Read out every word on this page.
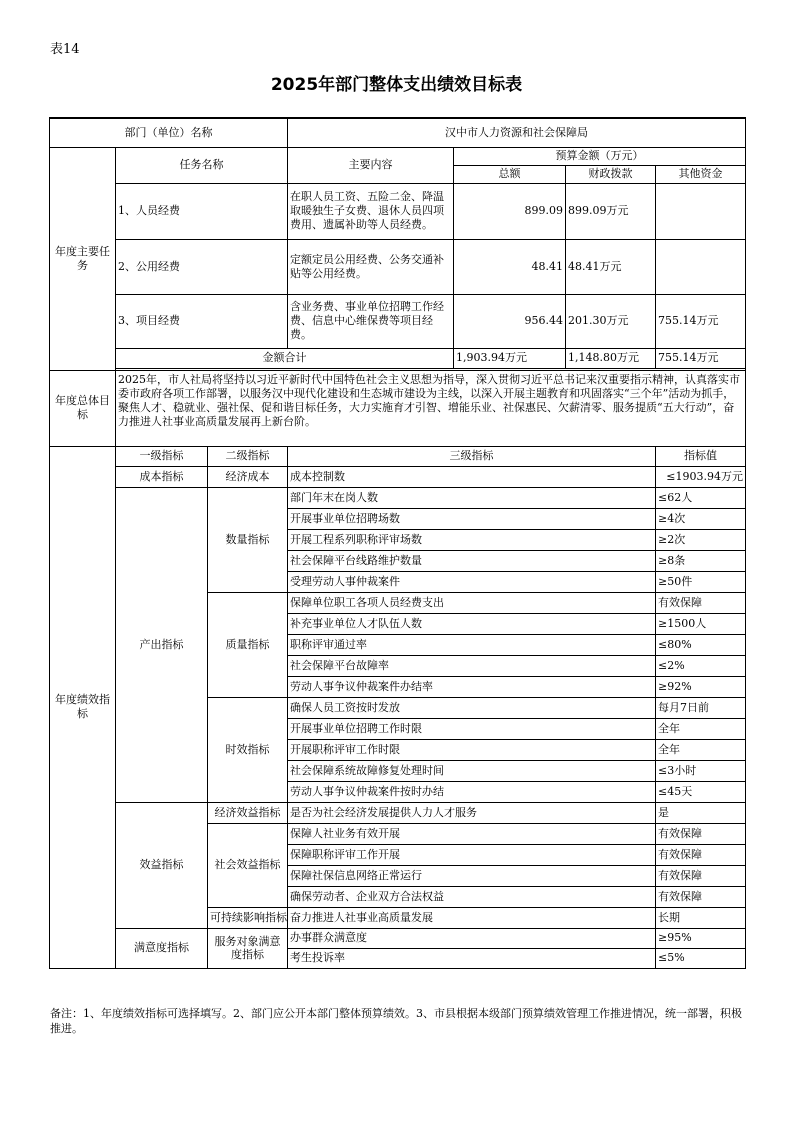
表14
2025年部门整体支出绩效目标表
部门（单位）名称			汉中市人力资源和社会保障局			
年度主要任务	任务名称		主要内容	预算金额（万元）		
				总额	财政拨款	其他资金
	1、人员经费		在职人员工资、五险二金、降温取暖独生子女费、退休人员四项费用、遗属补助等人员经费。	899.09	899.09万元	
	2、公用经费		定额定员公用经费、公务交通补贴等公用经费。	48.41	48.41万元	
	3、项目经费		含业务费、事业单位招聘工作经费、信息中心维保费等项目经费。	956.44	201.30万元	755.14万元
	金额合计			1,903.94万元	1,148.80万元	755.14万元

年度总体目标	2025年，市人社局将坚持以习近平新时代中国特色社会主义思想为指导，深入贯彻习近平总书记来汉重要指示精神，认真落实市委市政府各项工作部署，以服务汉中现代化建设和生态城市建设为主线，以深入开展主题教育和巩固落实“三个年”活动为抓手，聚焦人才、稳就业、强社保、促和谐目标任务，大力实施育才引智、增能乐业、社保惠民、欠薪清零、服务提质“五大行动”，奋力推进人社事业高质量发展再上新台阶。					
年度绩效指标	一级指标	二级指标	三级指标			指标值
	成本指标	经济成本	成本控制数			≤1903.94万元
	产出指标	数量指标	部门年末在岗人数			≤62人
			开展事业单位招聘场数			≥4次
			开展工程系列职称评审场数			≥2次
			社会保障平台线路维护数量			≥8条
			受理劳动人事仲裁案件			≥50件
		质量指标	保障单位职工各项人员经费支出			有效保障
			补充事业单位人才队伍人数			≥1500人
			职称评审通过率			≤80%
			社会保障平台故障率			≤2%
			劳动人事争议仲裁案件办结率			≥92%
		时效指标	确保人员工资按时发放			每月7日前
			开展事业单位招聘工作时限			全年
			开展职称评审工作时限			全年
			社会保障系统故障修复处理时间			≤3小时
			劳动人事争议仲裁案件按时办结			≤45天
	效益指标	经济效益指标	是否为社会经济发展提供人力人才服务			是
		社会效益指标	保障人社业务有效开展			有效保障
			保障职称评审工作开展			有效保障
			保障社保信息网络正常运行			有效保障
			确保劳动者、企业双方合法权益			有效保障
		可持续影响指标	奋力推进人社事业高质量发展			长期
	满意度指标	服务对象满意度指标	办事群众满意度			≥95%
			考生投诉率			≤5%
备注：1、年度绩效指标可选择填写。2、部门应公开本部门整体预算绩效。3、市县根据本级部门预算绩效管理工作推进情况，统一部署，积极推进。
